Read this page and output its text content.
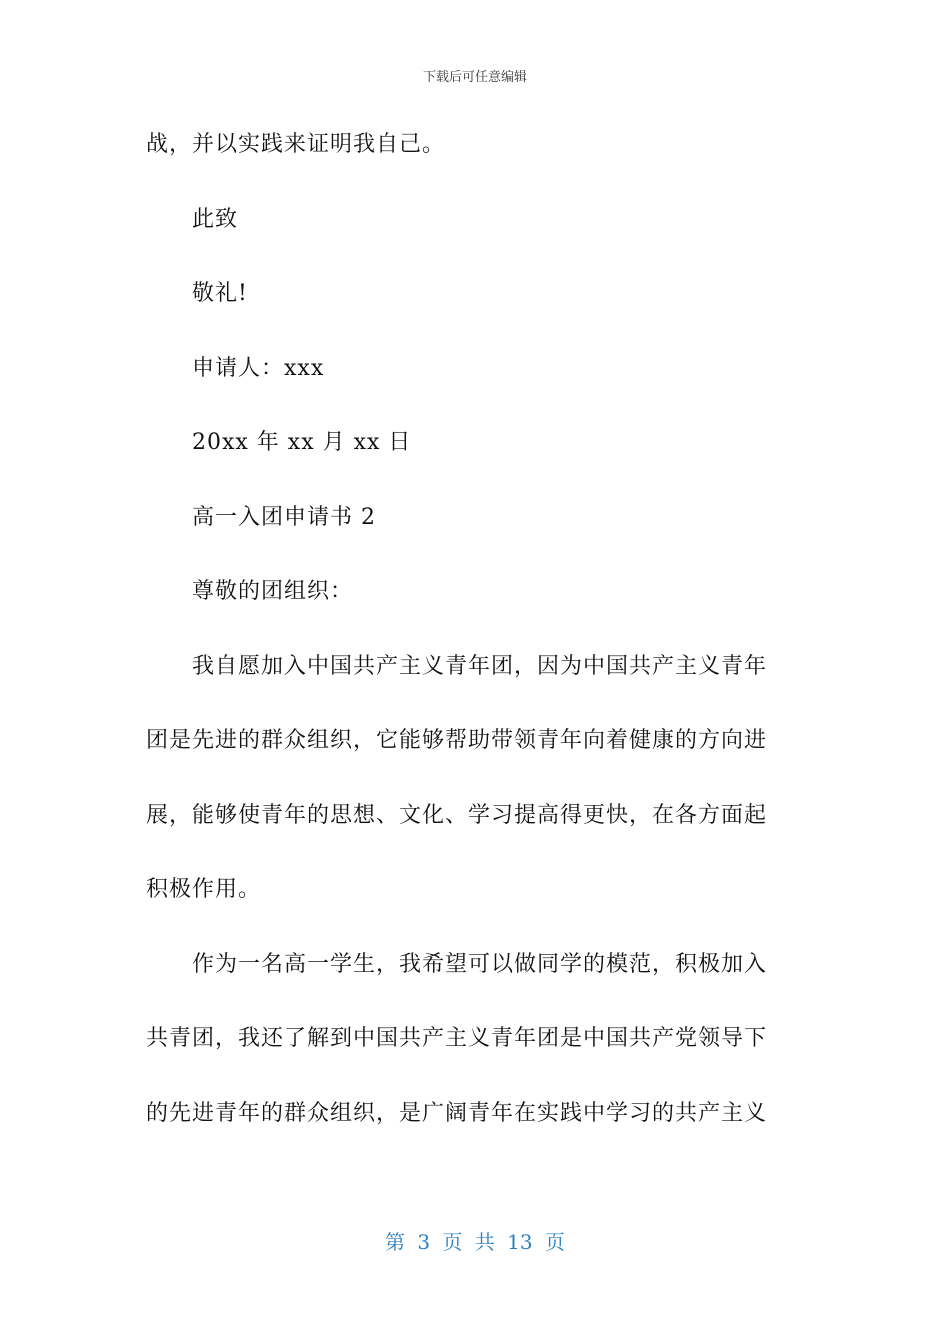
下载后可任意编辑
战，并以实践来证明我自己。
此致
敬礼!
申请人：xxx
20xx 年 xx 月 xx 日
高一入团申请书 2
尊敬的团组织：
我自愿加入中国共产主义青年团，因为中国共产主义青年
团是先进的群众组织，它能够帮助带领青年向着健康的方向进
展，能够使青年的思想、文化、学习提高得更快，在各方面起
积极作用。
作为一名高一学生，我希望可以做同学的模范，积极加入
共青团，我还了解到中国共产主义青年团是中国共产党领导下
的先进青年的群众组织，是广阔青年在实践中学习的共产主义
第 3 页 共 13 页
